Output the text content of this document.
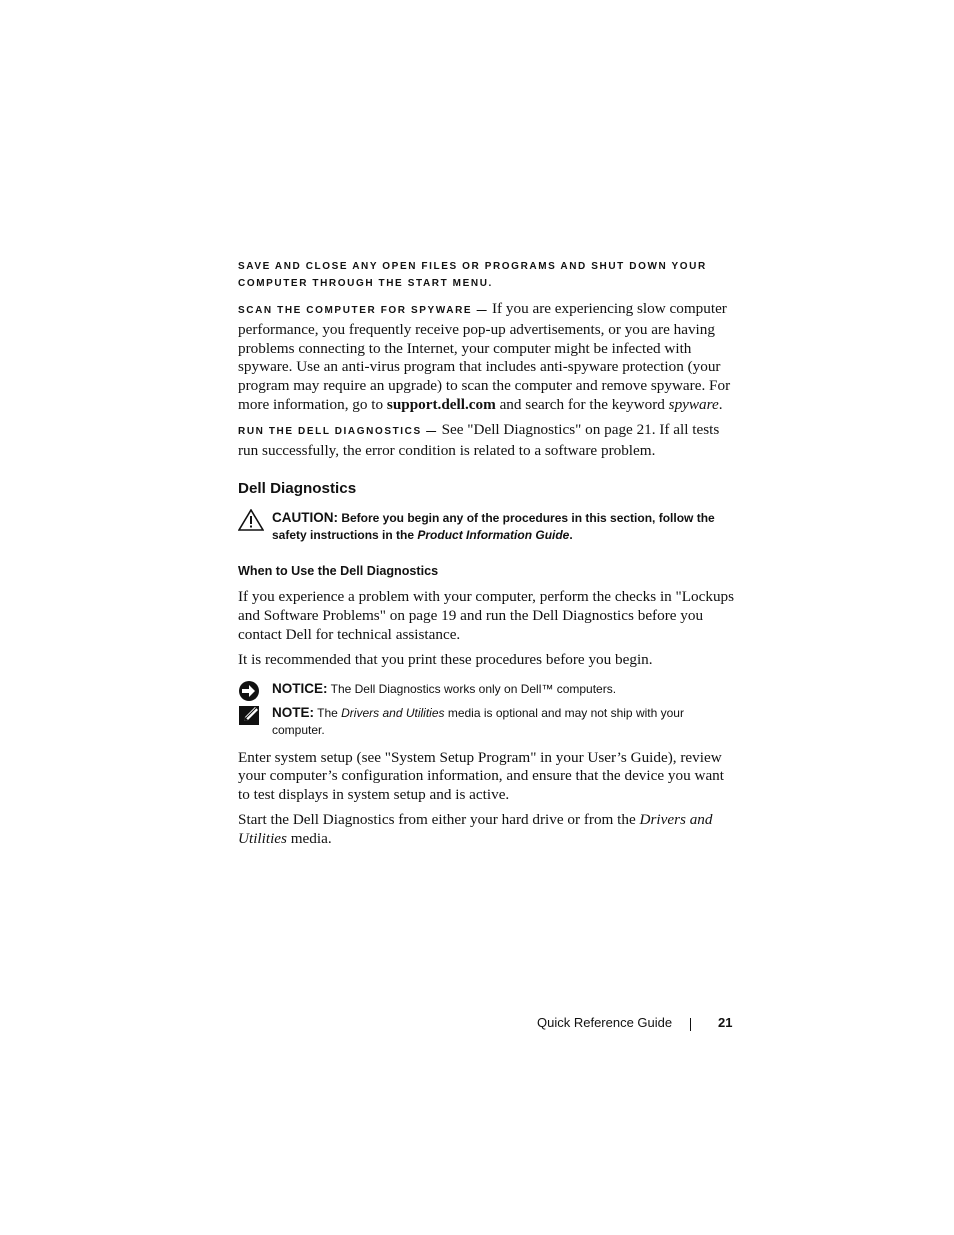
SAVE AND CLOSE ANY OPEN FILES OR PROGRAMS AND SHUT DOWN YOUR COMPUTER THROUGH THE START MENU.
SCAN THE COMPUTER FOR SPYWARE — If you are experiencing slow computer performance, you frequently receive pop-up advertisements, or you are having problems connecting to the Internet, your computer might be infected with spyware. Use an anti-virus program that includes anti-spyware protection (your program may require an upgrade) to scan the computer and remove spyware. For more information, go to support.dell.com and search for the keyword spyware.
RUN THE DELL DIAGNOSTICS — See "Dell Diagnostics" on page 21. If all tests run successfully, the error condition is related to a software problem.
Dell Diagnostics
CAUTION: Before you begin any of the procedures in this section, follow the safety instructions in the Product Information Guide.
When to Use the Dell Diagnostics
If you experience a problem with your computer, perform the checks in "Lockups and Software Problems" on page 19 and run the Dell Diagnostics before you contact Dell for technical assistance.
It is recommended that you print these procedures before you begin.
NOTICE: The Dell Diagnostics works only on Dell™ computers.
NOTE: The Drivers and Utilities media is optional and may not ship with your computer.
Enter system setup (see "System Setup Program" in your User’s Guide), review your computer’s configuration information, and ensure that the device you want to test displays in system setup and is active.
Start the Dell Diagnostics from either your hard drive or from the Drivers and Utilities media.
Quick Reference Guide	21
